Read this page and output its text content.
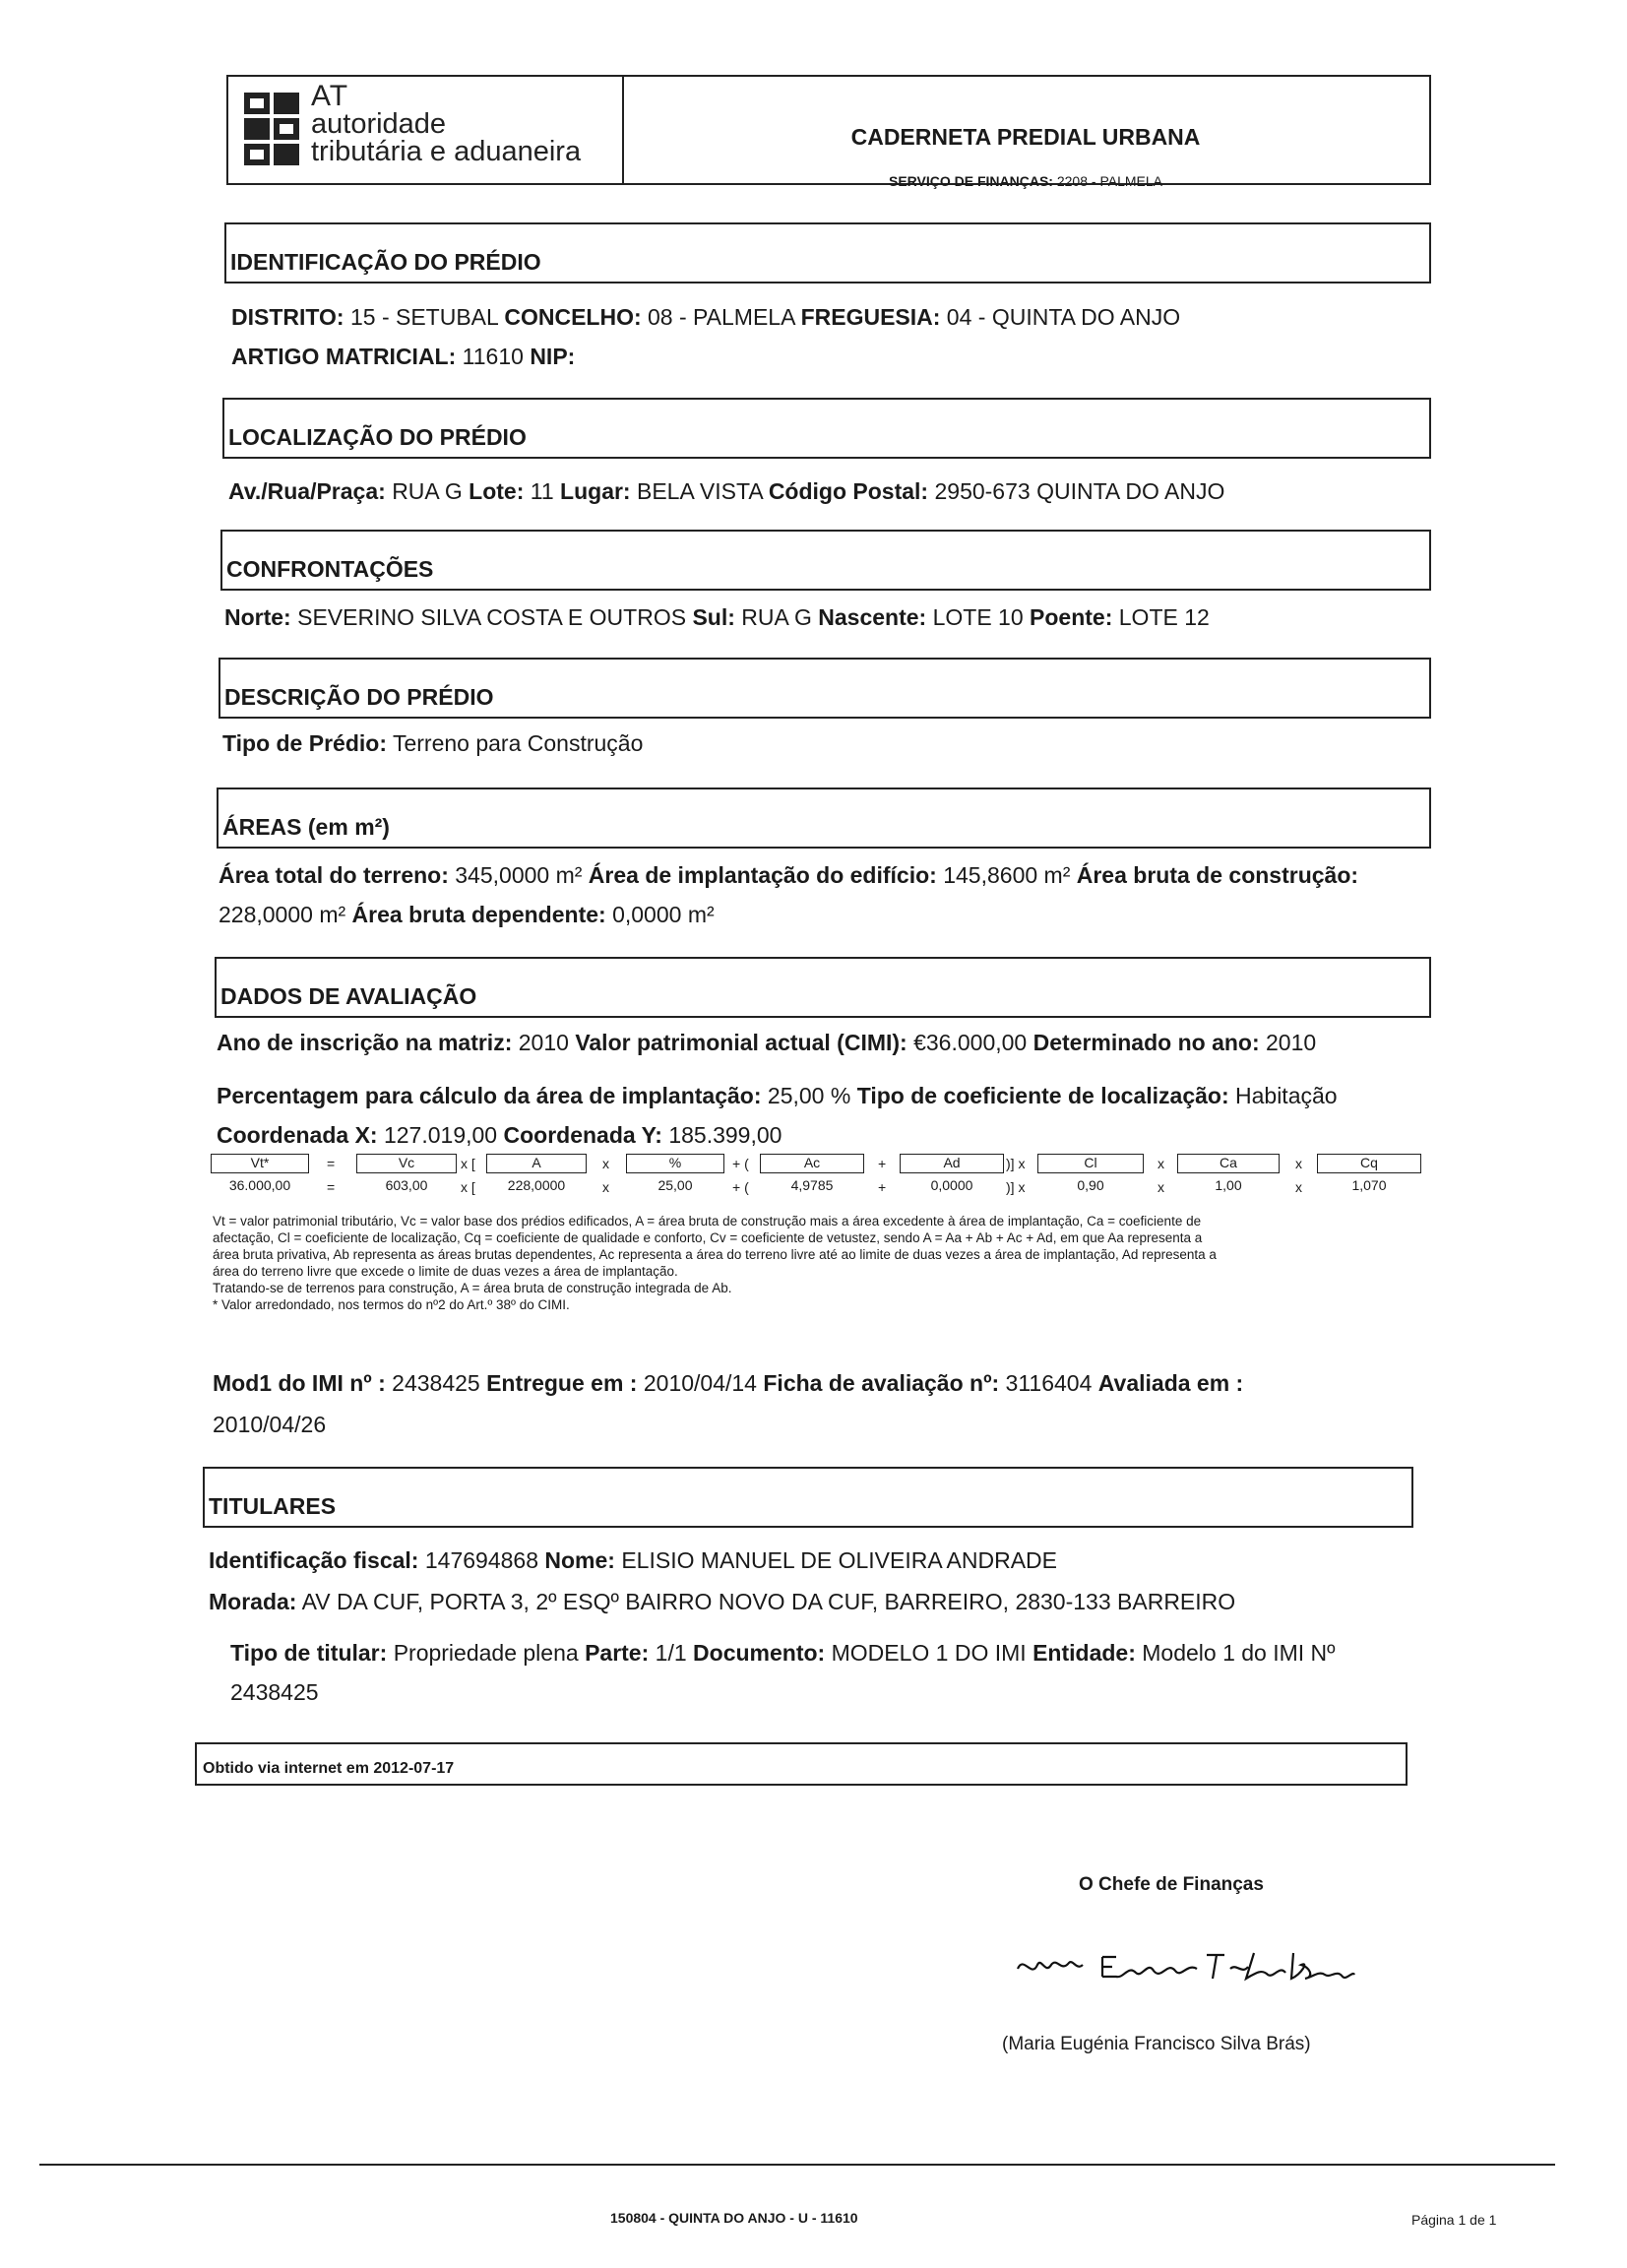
AT
autoridade
tributária e aduaneira	CADERNETA PREDIAL URBANA
SERVIÇO DE FINANÇAS: 2208 - PALMELA
IDENTIFICAÇÃO DO PRÉDIO
DISTRITO: 15 - SETUBAL CONCELHO: 08 - PALMELA FREGUESIA: 04 - QUINTA DO ANJO
ARTIGO MATRICIAL: 11610 NIP:
LOCALIZAÇÃO DO PRÉDIO
Av./Rua/Praça: RUA G Lote: 11 Lugar: BELA VISTA Código Postal: 2950-673 QUINTA DO ANJO
CONFRONTAÇÕES
Norte: SEVERINO SILVA COSTA E OUTROS Sul: RUA G Nascente: LOTE 10 Poente: LOTE 12
DESCRIÇÃO DO PRÉDIO
Tipo de Prédio: Terreno para Construção
ÁREAS (em m²)
Área total do terreno: 345,0000 m² Área de implantação do edifício: 145,8600 m² Área bruta de construção:
228,0000 m² Área bruta dependente: 0,0000 m²
DADOS DE AVALIAÇÃO
Ano de inscrição na matriz: 2010 Valor patrimonial actual (CIMI): €36.000,00 Determinado no ano: 2010
Percentagem para cálculo da área de implantação: 25,00 % Tipo de coeficiente de localização: Habitação
Coordenada X: 127.019,00 Coordenada Y: 185.399,00
Vt*
36.000,00
=
=
Vc
603,00
x [
x [
A
228,0000
x
x
%
25,00
+ (
+ (
Ac
4,9785
+
+
Ad
0,0000
)] x
)] x
Cl
0,90
x
x
Ca
1,00
x
x
Cq
1,070
Vt = valor patrimonial tributário, Vc = valor base dos prédios edificados, A = área bruta de construção mais a área excedente à área de implantação, Ca = coeficiente de
afectação, Cl = coeficiente de localização, Cq = coeficiente de qualidade e conforto, Cv = coeficiente de vetustez, sendo A = Aa + Ab + Ac + Ad, em que Aa representa a
área bruta privativa, Ab representa as áreas brutas dependentes, Ac representa a área do terreno livre até ao limite de duas vezes a área de implantação, Ad representa a
área do terreno livre que excede o limite de duas vezes a área de implantação.
Tratando-se de terrenos para construção, A = área bruta de construção integrada de Ab.
* Valor arredondado, nos termos do nº2 do Art.º 38º do CIMI.
Mod1 do IMI nº : 2438425 Entregue em : 2010/04/14 Ficha de avaliação nº: 3116404 Avaliada em :
2010/04/26
TITULARES
Identificação fiscal: 147694868 Nome: ELISIO MANUEL DE OLIVEIRA ANDRADE
Morada: AV DA CUF, PORTA 3, 2º ESQº BAIRRO NOVO DA CUF, BARREIRO, 2830-133 BARREIRO
Tipo de titular: Propriedade plena Parte: 1/1 Documento: MODELO 1 DO IMI Entidade: Modelo 1 do IMI Nº
2438425
Obtido via internet em 2012-07-17
O Chefe de Finanças
(Maria Eugénia Francisco Silva Brás)
150804 - QUINTA DO ANJO - U - 11610	Página 1 de 1
